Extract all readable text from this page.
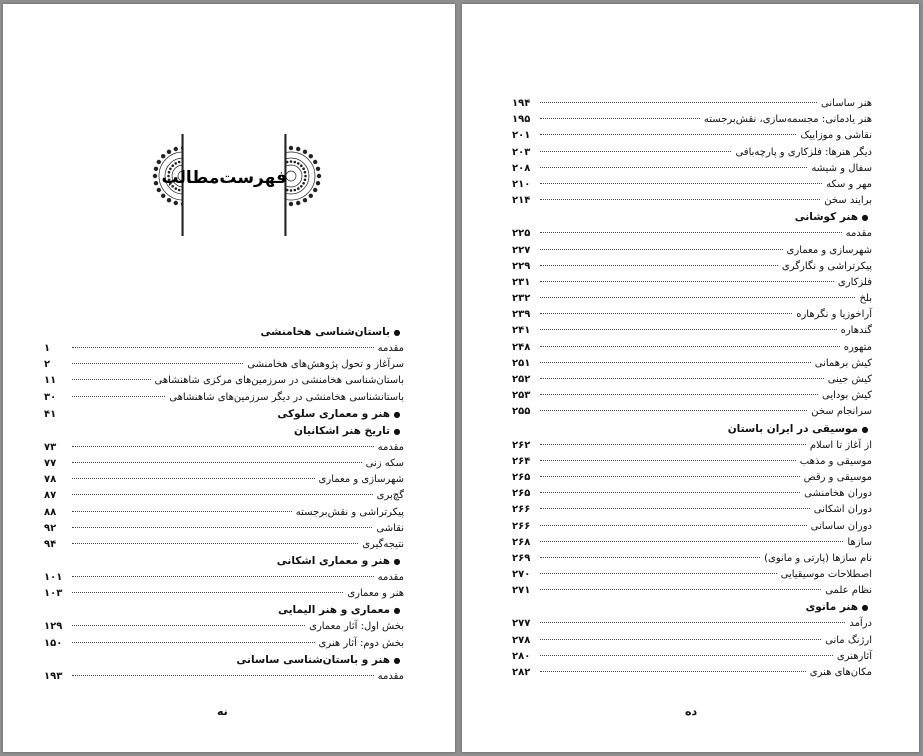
فهرست‌مطالب
●
باستان‌شناسی هخامنشی
مقدمه
۱
سرآغاز و تحول پژوهش‌های هخامنشی
۲
باستان‌شناسی هخامنشی در سرزمین‌های مرکزی شاهنشاهی
۱۱
باستانشناسی هخامنشی در دیگر سرزمین‌های شاهنشاهی
۳۰
●
هنر و معماری سلوکی
۴۱
●
تاریخ هنر اشکانیان
مقدمه
۷۳
سکه زنی
۷۷
شهرسازی و معماری
۷۸
گچ‌بری
۸۷
پیکرتراشی و نقش‌برجسته
۸۸
نقاشی
۹۲
نتیجه‌گیری
۹۴
●
هنر و معماری اشکانی
مقدمه
۱۰۱
هنر و معماری
۱۰۳
●
معماری و هنر الیمایی
بخش اول: آثار معماری
۱۲۹
بخش دوم: آثار هنری
۱۵۰
●
هنر و باستان‌شناسی ساسانی
مقدمه
۱۹۳
نه
هنر ساسانی
۱۹۴
هنر یادمانی: مجسمه‌سازی، نقش‌برجسته
۱۹۵
نقاشی و موزاییک
۲۰۱
دیگر هنرها: فلزکاری و پارچه‌بافی
۲۰۳
سفال و شیشه
۲۰۸
مهر و سکه
۲۱۰
برایند سخن
۲۱۴
●
هنر کوشانی
مقدمه
۲۲۵
شهرسازی و معماری
۲۲۷
پیکرتراشی و نگارگری
۲۲۹
فلزکاری
۲۳۱
بلخ
۲۳۲
آراخوزیا و نگرهاره
۲۳۹
گندهاره
۲۴۱
متهوره
۲۴۸
کیش برهمانی
۲۵۱
کیش جینی
۲۵۲
کیش بودایی
۲۵۳
سرانجام سخن
۲۵۵
●
موسیقی در ایران باستان
از آغاز تا اسلام
۲۶۲
موسیقی و مذهب
۲۶۴
موسیقی و رقص
۲۶۵
دوران هخامنشی
۲۶۵
دوران اشکانی
۲۶۶
دوران ساسانی
۲۶۶
سازها
۲۶۸
نام سازها (پارتی و مانوی)
۲۶۹
اصطلاحات موسیقیایی
۲۷۰
نظام علمی
۲۷۱
●
هنر مانوی
درآمد
۲۷۷
ارژنگ مانی
۲۷۸
آثارهنری
۲۸۰
مکان‌های هنری
۲۸۲
ده
